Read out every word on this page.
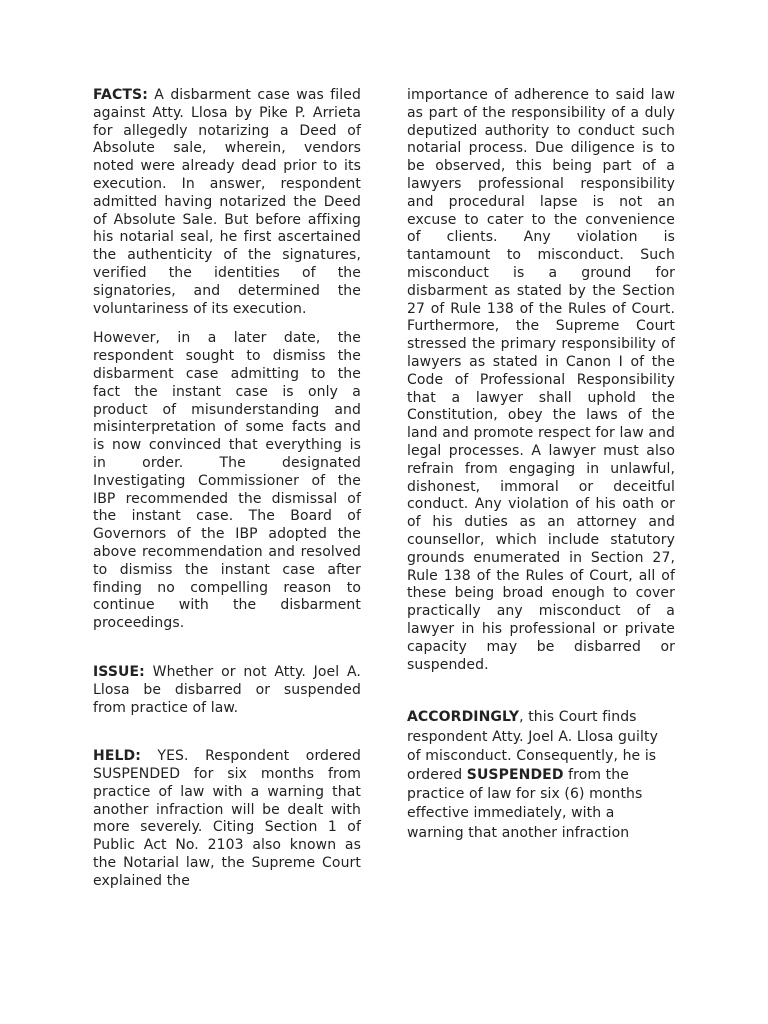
FACTS: A disbarment case was filed against Atty. Llosa by Pike P. Arrieta for allegedly notarizing a Deed of Absolute sale, wherein, vendors noted were already dead prior to its execution. In answer, respondent admitted having notarized the Deed of Absolute Sale. But before affixing his notarial seal, he first ascertained the authenticity of the signatures, verified the identities of the signatories, and determined the voluntariness of its execution.

However, in a later date, the respondent sought to dismiss the disbarment case admitting to the fact the instant case is only a product of misunderstanding and misinterpretation of some facts and is now convinced that everything is in order. The designated Investigating Commissioner of the IBP recommended the dismissal of the instant case. The Board of Governors of the IBP adopted the above recommendation and resolved to dismiss the instant case after finding no compelling reason to continue with the disbarment proceedings.

ISSUE: Whether or not Atty. Joel A. Llosa be disbarred or suspended from practice of law.

HELD: YES. Respondent ordered SUSPENDED for six months from practice of law with a warning that another infraction will be dealt with more severely. Citing Section 1 of Public Act No. 2103 also known as the Notarial law, the Supreme Court explained the

importance of adherence to said law as part of the responsibility of a duly deputized authority to conduct such notarial process. Due diligence is to be observed, this being part of a lawyers professional responsibility and procedural lapse is not an excuse to cater to the convenience of clients. Any violation is tantamount to misconduct. Such misconduct is a ground for disbarment as stated by the Section 27 of Rule 138 of the Rules of Court. Furthermore, the Supreme Court stressed the primary responsibility of lawyers as stated in Canon I of the Code of Professional Responsibility that a lawyer shall uphold the Constitution, obey the laws of the land and promote respect for law and legal processes. A lawyer must also refrain from engaging in unlawful, dishonest, immoral or deceitful conduct. Any violation of his oath or of his duties as an attorney and counsellor, which include statutory grounds enumerated in Section 27, Rule 138 of the Rules of Court, all of these being broad enough to cover practically any misconduct of a lawyer in his professional or private capacity may be disbarred or suspended.

ACCORDINGLY, this Court finds respondent Atty. Joel A. Llosa guilty of misconduct. Consequently, he is ordered SUSPENDED from the practice of law for six (6) months effective immediately, with a warning that another infraction
